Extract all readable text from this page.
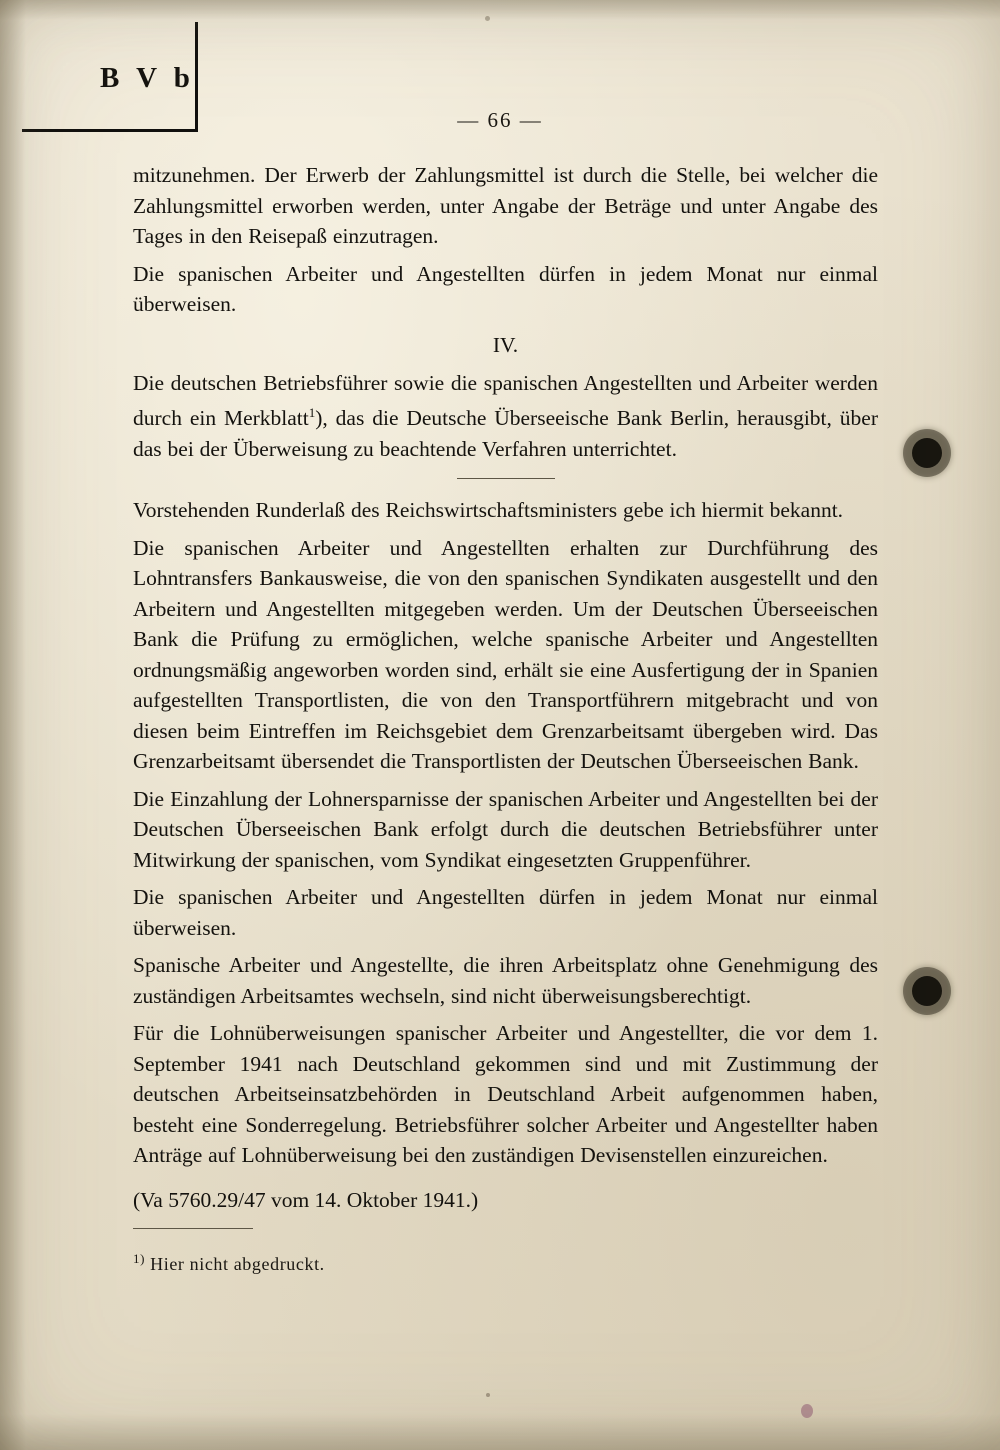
B V b
— 66 —

mitzunehmen. Der Erwerb der Zahlungsmittel ist durch die Stelle, bei welcher die Zahlungsmittel erworben werden, unter Angabe der Beträge und unter Angabe des Tages in den Reisepaß einzutragen.

Die spanischen Arbeiter und Angestellten dürfen in jedem Monat nur einmal überweisen.

IV.

Die deutschen Betriebsführer sowie die spanischen Angestellten und Arbeiter werden durch ein Merkblatt$^1$), das die Deutsche Überseeische Bank Berlin, herausgibt, über das bei der Überweisung zu beachtende Verfahren unterrichtet.

Vorstehenden Runderlaß des Reichswirtschaftsministers gebe ich hiermit bekannt.

Die spanischen Arbeiter und Angestellten erhalten zur Durchführung des Lohntransfers Bankausweise, die von den spanischen Syndikaten ausgestellt und den Arbeitern und Angestellten mitgegeben werden. Um der Deutschen Überseeischen Bank die Prüfung zu ermöglichen, welche spanische Arbeiter und Angestellten ordnungsmäßig angeworben worden sind, erhält sie eine Ausfertigung der in Spanien aufgestellten Transportlisten, die von den Transportführern mitgebracht und von diesen beim Eintreffen im Reichsgebiet dem Grenzarbeitsamt übergeben wird. Das Grenzarbeitsamt übersendet die Transportlisten der Deutschen Überseeischen Bank.

Die Einzahlung der Lohnersparnisse der spanischen Arbeiter und Angestellten bei der Deutschen Überseeischen Bank erfolgt durch die deutschen Betriebsführer unter Mitwirkung der spanischen, vom Syndikat eingesetzten Gruppenführer.

Die spanischen Arbeiter und Angestellten dürfen in jedem Monat nur einmal überweisen.

Spanische Arbeiter und Angestellte, die ihren Arbeitsplatz ohne Genehmigung des zuständigen Arbeitsamtes wechseln, sind nicht überweisungsberechtigt.

Für die Lohnüberweisungen spanischer Arbeiter und Angestellter, die vor dem 1. September 1941 nach Deutschland gekommen sind und mit Zustimmung der deutschen Arbeitseinsatzbehörden in Deutschland Arbeit aufgenommen haben, besteht eine Sonderregelung. Betriebsführer solcher Arbeiter und Angestellter haben Anträge auf Lohnüberweisung bei den zuständigen Devisenstellen einzureichen.

(Va 5760.29/47 vom 14. Oktober 1941.)
$^{1)}$ Hier nicht abgedruckt.
